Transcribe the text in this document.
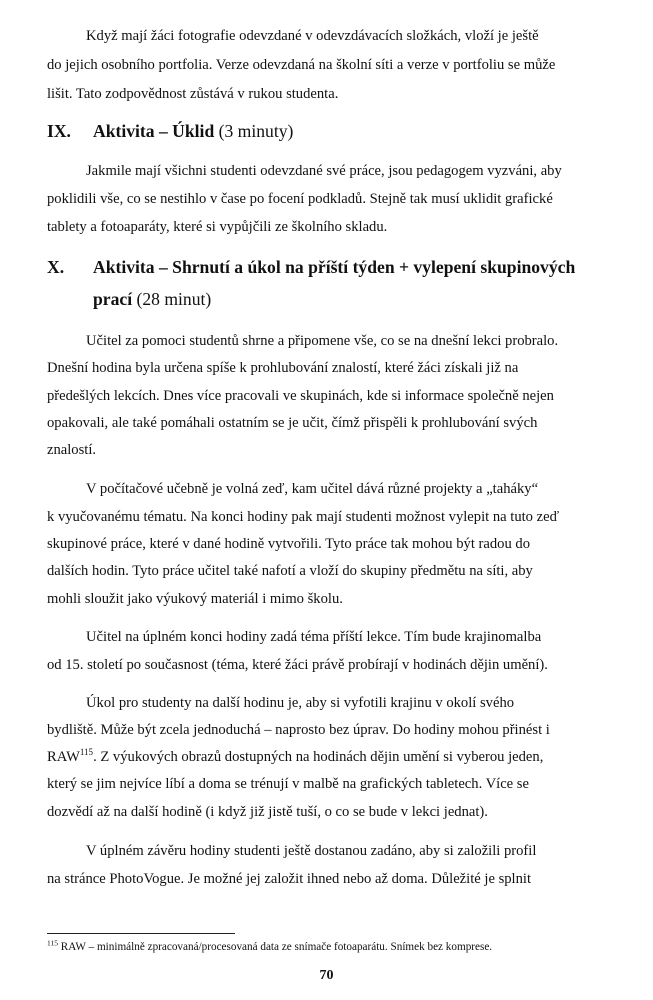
Když mají žáci fotografie odevzdané v odevzdávacích složkách, vloží je ještě
do jejich osobního portfolia. Verze odevzdaná na školní síti a verze v portfoliu se může
lišit. Tato zodpovědnost zůstává v rukou studenta.
IX. Aktivita – Úklid (3 minuty)
Jakmile mají všichni studenti odevzdané své práce, jsou pedagogem vyzváni, aby
poklidili vše, co se nestihlo v čase po focení podkladů. Stejně tak musí uklidit grafické
tablety a fotoaparáty, které si vypůjčili ze školního skladu.
X. Aktivita – Shrnutí a úkol na příští týden + vylepení skupinových
prací (28 minut)
Učitel za pomoci studentů shrne a připomene vše, co se na dnešní lekci probralo.
Dnešní hodina byla určena spíše k prohlubování znalostí, které žáci získali již na
předešlých lekcích. Dnes více pracovali ve skupinách, kde si informace společně nejen
opakovali, ale také pomáhali ostatním se je učit, čímž přispěli k prohlubování svých
znalostí.
V počítačové učebně je volná zeď, kam učitel dává různé projekty a „taháky“
k vyučovanému tématu. Na konci hodiny pak mají studenti možnost vylepit na tuto zeď
skupinové práce, které v dané hodině vytvořili. Tyto práce tak mohou být radou do
dalších hodin. Tyto práce učitel také nafotí a vloží do skupiny předmětu na síti, aby
mohli sloužit jako výukový materiál i mimo školu.
Učitel na úplném konci hodiny zadá téma příští lekce. Tím bude krajinomalba
od 15. století po současnost (téma, které žáci právě probírají v hodinách dějin umění).
Úkol pro studenty na další hodinu je, aby si vyfotili krajinu v okolí svého
bydliště. Může být zcela jednoduchá – naprosto bez úprav. Do hodiny mohou přinést i
RAW$^{115}$. Z výukových obrazů dostupných na hodinách dějin umění si vyberou jeden,
který se jim nejvíce líbí a doma se trénují v malbě na grafických tabletech. Více se
dozvědí až na další hodině (i když již jistě tuší, o co se bude v lekci jednat).
V úplném závěru hodiny studenti ještě dostanou zadáno, aby si založili profil
na stránce PhotoVogue. Je možné jej založit ihned nebo až doma. Důležité je splnit
$^{115}$ RAW – minimálně zpracovaná/procesovaná data ze snímače fotoaparátu. Snímek bez komprese.
70
